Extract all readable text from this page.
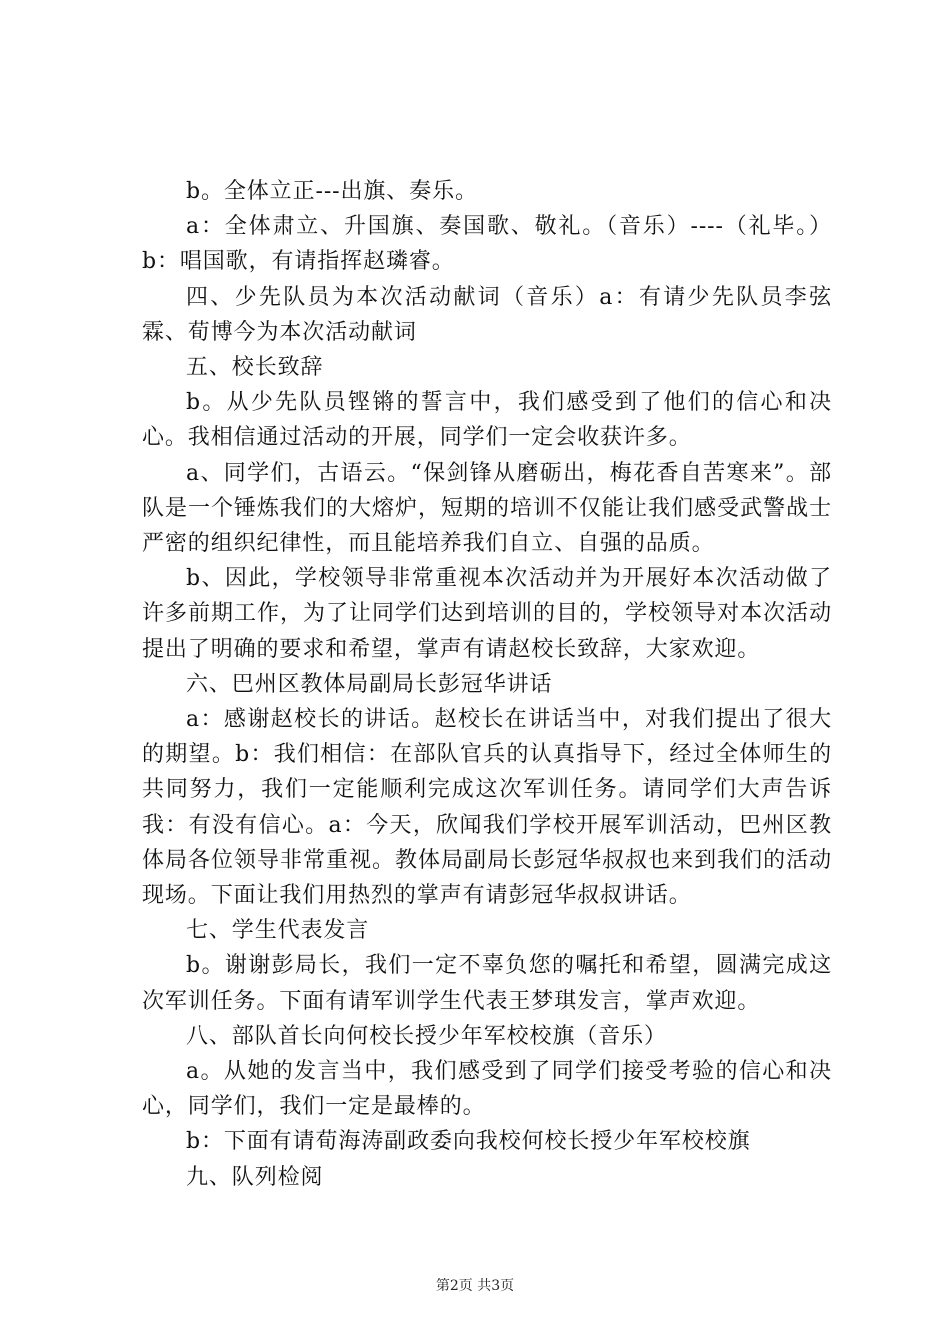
b。全体立正---出旗、奏乐。

a：全体肃立、升国旗、奏国歌、敬礼。（音乐）----（礼毕。）b：唱国歌，有请指挥赵璘睿。

四、少先队员为本次活动献词（音乐）a：有请少先队员李弦霖、荀博今为本次活动献词

五、校长致辞

b。从少先队员铿锵的誓言中，我们感受到了他们的信心和决心。我相信通过活动的开展，同学们一定会收获许多。

a、同学们，古语云。“保剑锋从磨砺出，梅花香自苦寒来”。部队是一个锤炼我们的大熔炉，短期的培训不仅能让我们感受武警战士严密的组织纪律性，而且能培养我们自立、自强的品质。

b、因此，学校领导非常重视本次活动并为开展好本次活动做了许多前期工作，为了让同学们达到培训的目的，学校领导对本次活动提出了明确的要求和希望，掌声有请赵校长致辞，大家欢迎。

六、巴州区教体局副局长彭冠华讲话

a：感谢赵校长的讲话。赵校长在讲话当中，对我们提出了很大的期望。b：我们相信：在部队官兵的认真指导下，经过全体师生的共同努力，我们一定能顺利完成这次军训任务。请同学们大声告诉我：有没有信心。a：今天，欣闻我们学校开展军训活动，巴州区教体局各位领导非常重视。教体局副局长彭冠华叔叔也来到我们的活动现场。下面让我们用热烈的掌声有请彭冠华叔叔讲话。

七、学生代表发言

b。谢谢彭局长，我们一定不辜负您的嘱托和希望，圆满完成这次军训任务。下面有请军训学生代表王梦琪发言，掌声欢迎。

八、部队首长向何校长授少年军校校旗（音乐）

a。从她的发言当中，我们感受到了同学们接受考验的信心和决心，同学们，我们一定是最棒的。

b：下面有请荀海涛副政委向我校何校长授少年军校校旗

九、队列检阅

第2页 共3页
